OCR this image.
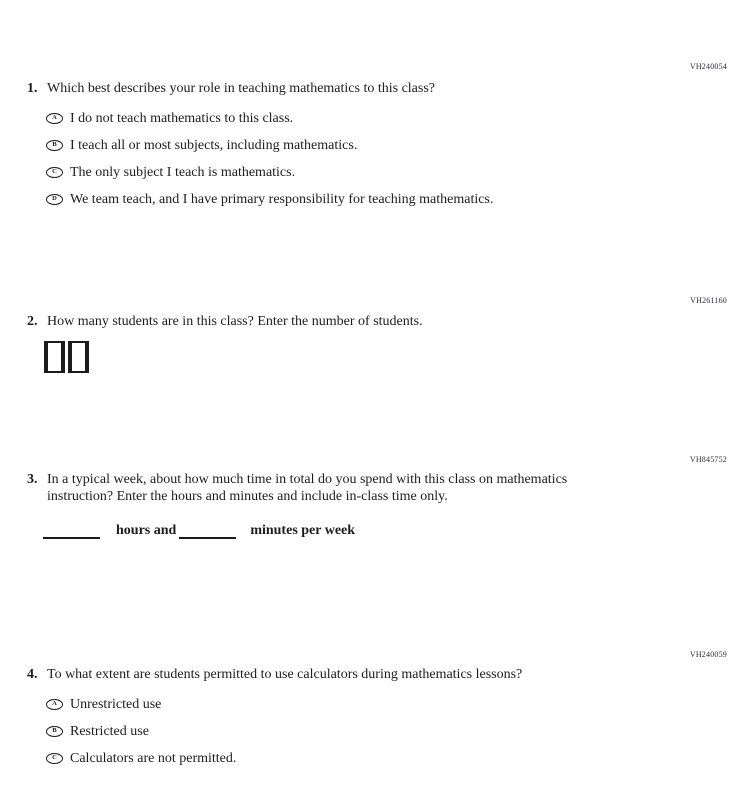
VH240054
1. Which best describes your role in teaching mathematics to this class?
A I do not teach mathematics to this class.
B I teach all or most subjects, including mathematics.
C The only subject I teach is mathematics.
D We team teach, and I have primary responsibility for teaching mathematics.
VH261160
2. How many students are in this class? Enter the number of students.
VH845752
3. In a typical week, about how much time in total do you spend with this class on mathematics instruction? Enter the hours and minutes and include in-class time only.
hours and	minutes per week
VH240059
4. To what extent are students permitted to use calculators during mathematics lessons?
A Unrestricted use
B Restricted use
C Calculators are not permitted.
